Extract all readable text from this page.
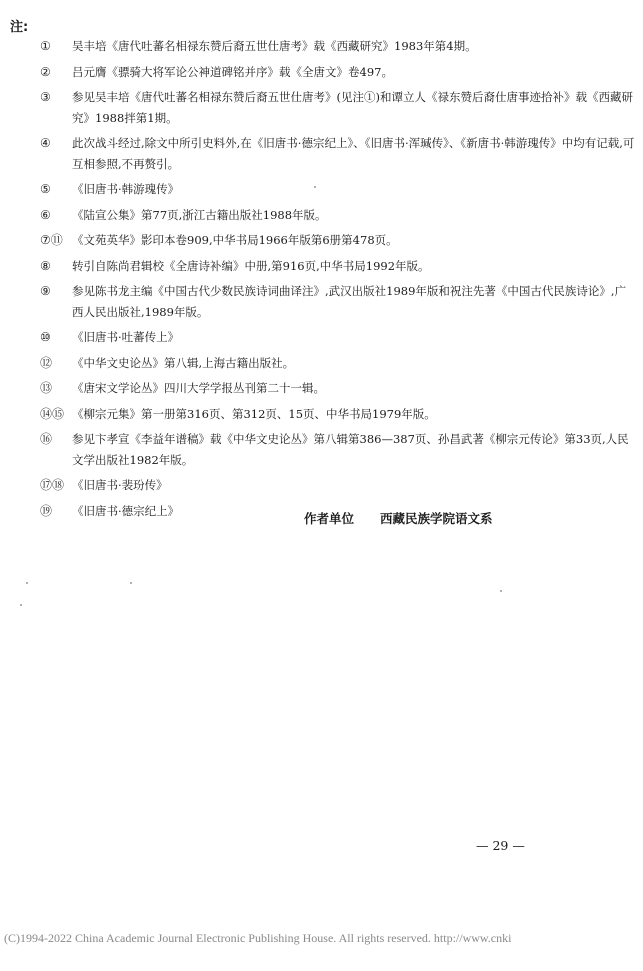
注:
①	吴丰培《唐代吐蕃名相禄东赞后裔五世仕唐考》载《西藏研究》1983年第4期。
②	吕元膺《骠骑大将军论公神道碑铭并序》载《全唐文》卷497。
③	参见吴丰培《唐代吐蕃名相禄东赞后裔五世仕唐考》(见注①)和谭立人《禄东赞后裔仕唐事迹拾补》载《西藏研究》1988拌第1期。
④	此次战斗经过,除文中所引史料外,在《旧唐书·德宗纪上》、《旧唐书·浑瑊传》、《新唐书·韩游瑰传》中均有记载,可互相参照,不再赘引。
⑤	《旧唐书·韩游瑰传》
⑥	《陆宣公集》第77页,浙江古籍出版社1988年版。
⑦⑪ 《文苑英华》影印本卷909,中华书局1966年版第6册第478页。
⑧	转引自陈尚君辑校《全唐诗补编》中册,第916页,中华书局1992年版。
⑨	参见陈书龙主编《中国古代少数民族诗词曲译注》,武汉出版社1989年版和祝注先著《中国古代民族诗论》,广西人民出版社,1989年版。
⑩	《旧唐书·吐蕃传上》
⑫	《中华文史论丛》第八辑,上海古籍出版社。
⑬	《唐宋文学论丛》四川大学学报丛刊第二十一辑。
⑭⑮ 《柳宗元集》第一册第316页、第312页、15页、中华书局1979年版。
⑯	参见卞孝宣《李益年谱稿》载《中华文史论丛》第八辑第386—387页、孙昌武著《柳宗元传论》第33页,人民文学出版社1982年版。
⑰⑱ 《旧唐书·裴玢传》
⑲	《旧唐书·德宗纪上》
作者单位 西藏民族学院语文系
— 29 —
(C)1994-2022 China Academic Journal Electronic Publishing House. All rights reserved. http://www.cnki
